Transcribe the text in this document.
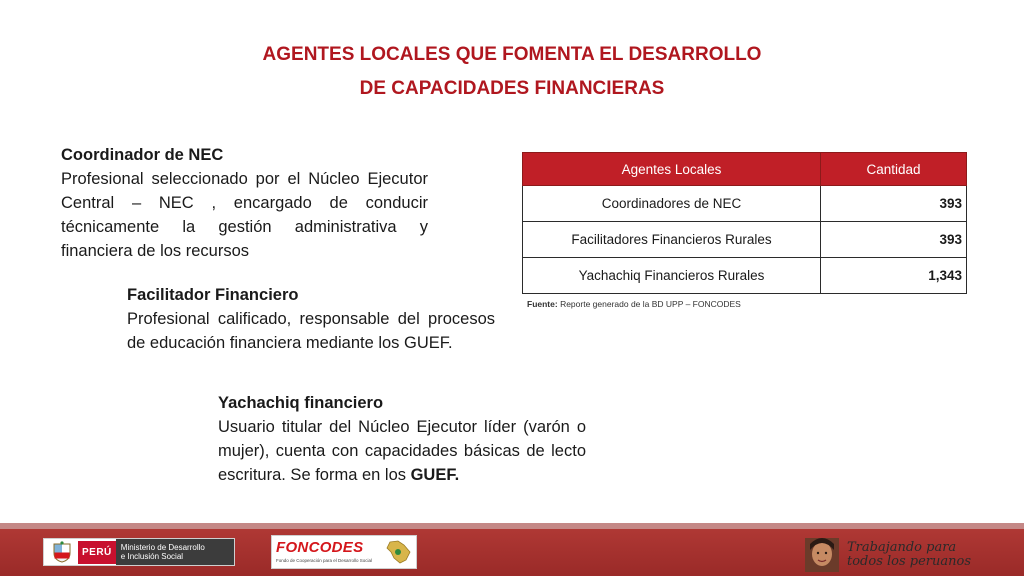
AGENTES LOCALES QUE FOMENTA EL DESARROLLO
DE CAPACIDADES FINANCIERAS
Coordinador de NEC
Profesional seleccionado por el Núcleo Ejecutor Central – NEC , encargado de conducir técnicamente la gestión administrativa y financiera de los recursos
Facilitador Financiero
Profesional calificado, responsable del procesos de educación financiera mediante los GUEF.
Yachachiq financiero
Usuario titular del Núcleo Ejecutor líder (varón o mujer), cuenta con capacidades básicas de lecto escritura. Se forma en los GUEF.
Agentes Locales	Cantidad
Coordinadores de NEC	393
Facilitadores Financieros Rurales	393
Yachachiq Financieros Rurales	1,343
Fuente: Reporte generado de la BD UPP – FONCODES
PERÚ	Ministerio de Desarrollo
e Inclusión Social
FONCODES
Fondo de Cooperación para el Desarrollo Social
Trabajando para
todos los peruanos
